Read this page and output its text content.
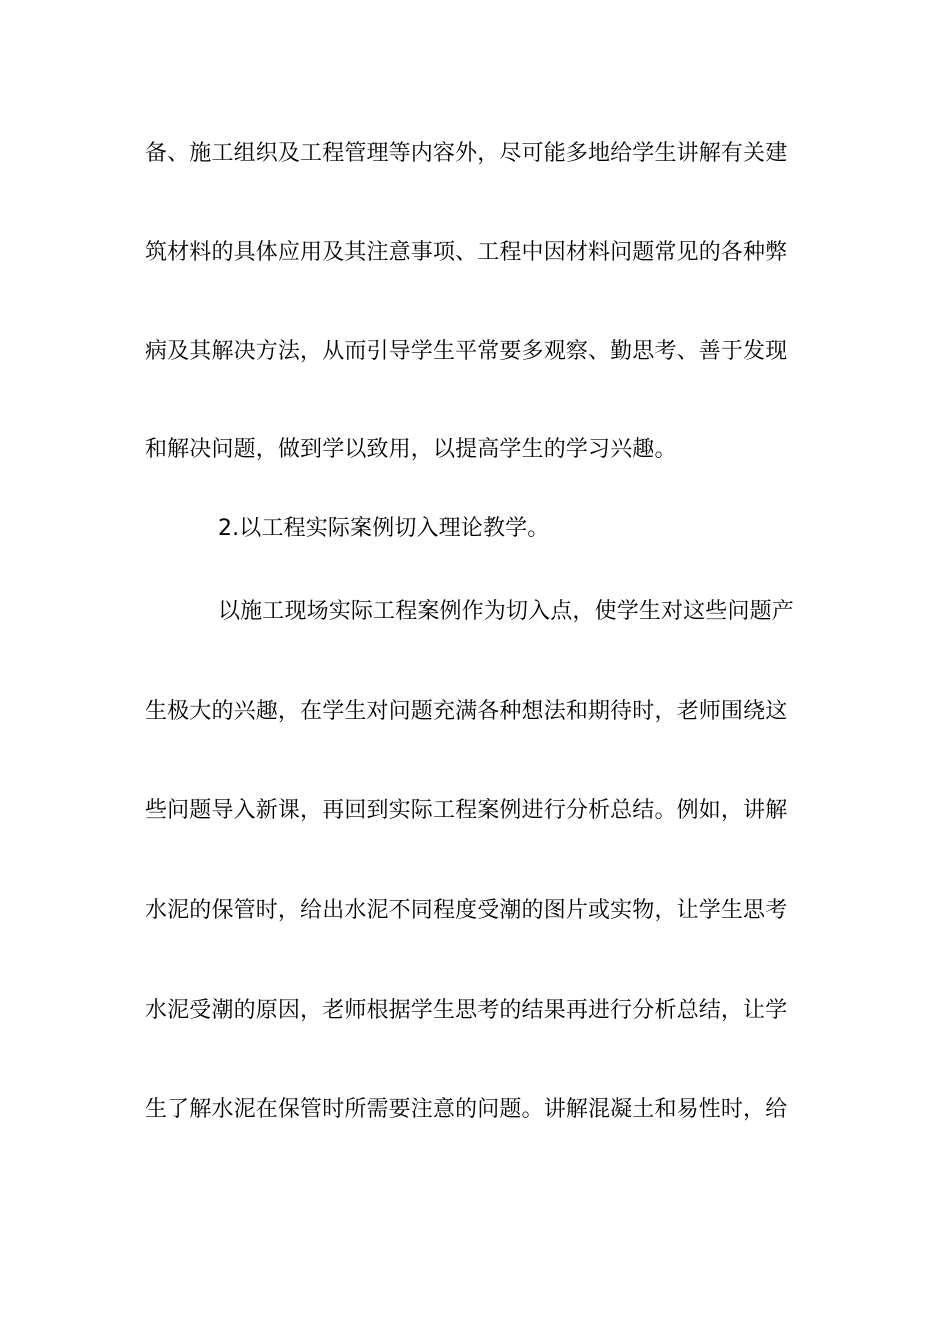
备、施工组织及工程管理等内容外，尽可能多地给学生讲解有关建
筑材料的具体应用及其注意事项、工程中因材料问题常见的各种弊
病及其解决方法，从而引导学生平常要多观察、勤思考、善于发现
和解决问题，做到学以致用，以提高学生的学习兴趣。
2.以工程实际案例切入理论教学。
以施工现场实际工程案例作为切入点，使学生对这些问题产
生极大的兴趣，在学生对问题充满各种想法和期待时，老师围绕这
些问题导入新课，再回到实际工程案例进行分析总结。例如，讲解
水泥的保管时，给出水泥不同程度受潮的图片或实物，让学生思考
水泥受潮的原因，老师根据学生思考的结果再进行分析总结，让学
生了解水泥在保管时所需要注意的问题。讲解混凝土和易性时，给
